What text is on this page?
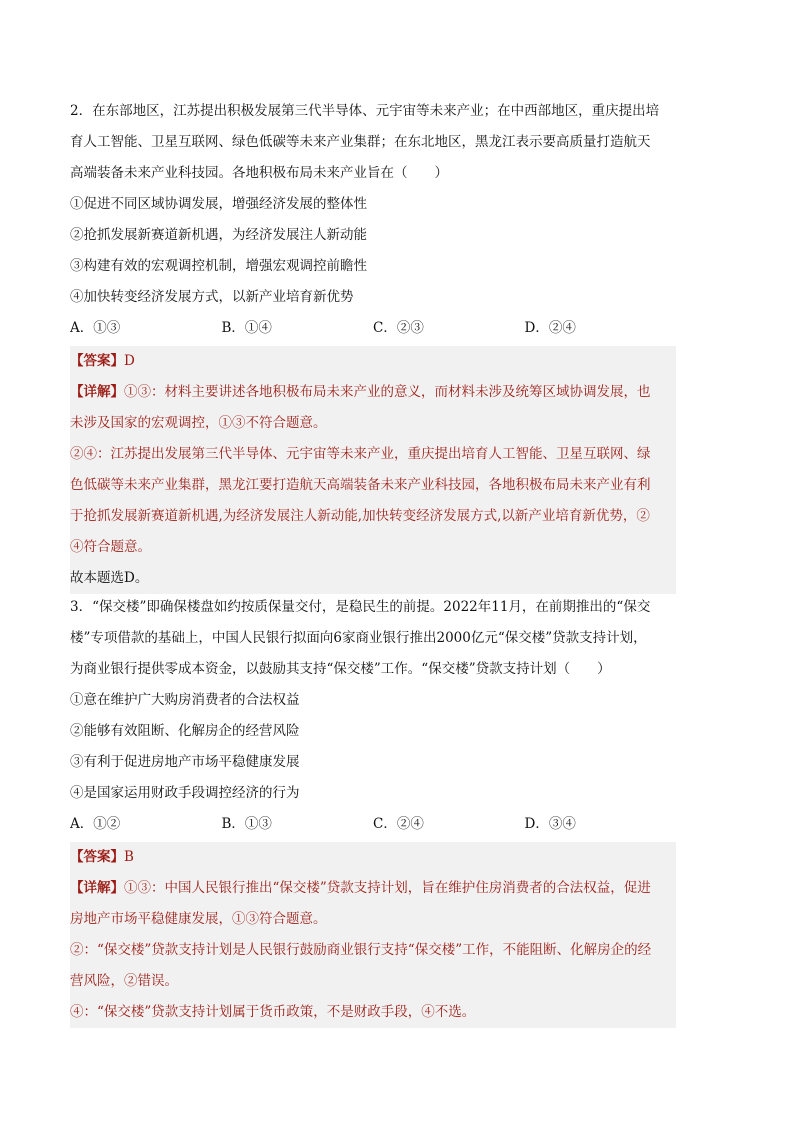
2．在东部地区，江苏提出积极发展第三代半导体、元宇宙等未来产业；在中西部地区，重庆提出培
育人工智能、卫星互联网、绿色低碳等未来产业集群；在东北地区，黑龙江表示要高质量打造航天
高端装备未来产业科技园。各地积极布局未来产业旨在（　　）
①促进不同区域协调发展，增强经济发展的整体性
②抢抓发展新赛道新机遇，为经济发展注人新动能
③构建有效的宏观调控机制，增强宏观调控前瞻性
④加快转变经济发展方式，以新产业培育新优势
A．①③	B．①④	C．②③	D．②④
【答案】D
【详解】①③：材料主要讲述各地积极布局未来产业的意义，而材料未涉及统筹区域协调发展，也
未涉及国家的宏观调控，①③不符合题意。
②④：江苏提出发展第三代半导体、元宇宙等未来产业，重庆提出培育人工智能、卫星互联网、绿
色低碳等未来产业集群，黑龙江要打造航天高端装备未来产业科技园，各地积极布局未来产业有利
于抢抓发展新赛道新机遇,为经济发展注人新动能,加快转变经济发展方式,以新产业培育新优势，②
④符合题意。
故本题选D。
3．“保交楼”即确保楼盘如约按质保量交付，是稳民生的前提。2022年11月，在前期推出的“保交
楼”专项借款的基础上，中国人民银行拟面向6家商业银行推出2000亿元“保交楼”贷款支持计划，
为商业银行提供零成本资金，以鼓励其支持“保交楼”工作。“保交楼”贷款支持计划（　　）
①意在维护广大购房消费者的合法权益
②能够有效阻断、化解房企的经营风险
③有利于促进房地产市场平稳健康发展
④是国家运用财政手段调控经济的行为
A．①②	B．①③	C．②④	D．③④
【答案】B
【详解】①③：中国人民银行推出“保交楼”贷款支持计划，旨在维护住房消费者的合法权益，促进
房地产市场平稳健康发展，①③符合题意。
②：“保交楼”贷款支持计划是人民银行鼓励商业银行支持“保交楼”工作，不能阻断、化解房企的经
营风险，②错误。
④：“保交楼”贷款支持计划属于货币政策，不是财政手段，④不选。
